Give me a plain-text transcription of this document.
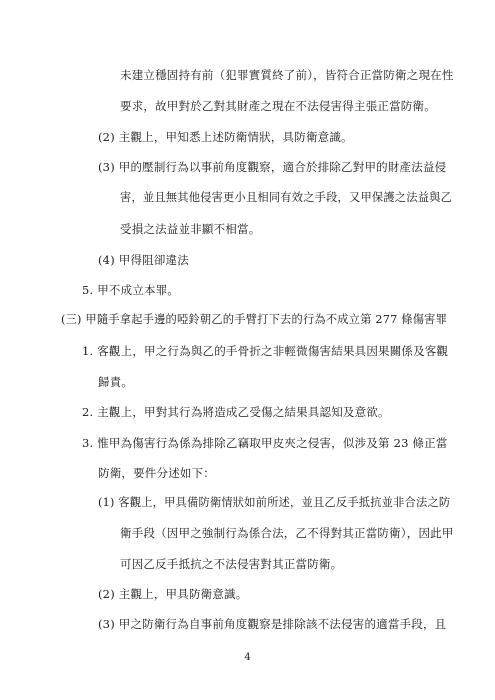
未建立穩固持有前（犯罪實質終了前），皆符合正當防衛之現在性
要求，故甲對於乙對其財產之現在不法侵害得主張正當防衛。
(2) 主觀上，甲知悉上述防衛情狀，具防衛意識。
(3) 甲的壓制行為以事前角度觀察，適合於排除乙對甲的財產法益侵
害，並且無其他侵害更小且相同有效之手段，又甲保護之法益與乙
受損之法益並非顯不相當。
(4) 甲得阻卻違法
5. 甲不成立本罪。
(三) 甲隨手拿起手邊的啞鈴朝乙的手臂打下去的行為不成立第 277 條傷害罪
1. 客觀上，甲之行為與乙的手骨折之非輕微傷害結果具因果關係及客觀
歸責。
2. 主觀上，甲對其行為將造成乙受傷之結果具認知及意欲。
3. 惟甲為傷害行為係為排除乙竊取甲皮夾之侵害，似涉及第 23 條正當
防衛，要件分述如下：
(1) 客觀上，甲具備防衛情狀如前所述，並且乙反手抵抗並非合法之防
衛手段（因甲之強制行為係合法，乙不得對其正當防衛），因此甲
可因乙反手抵抗之不法侵害對其正當防衛。
(2) 主觀上，甲具防衛意識。
(3) 甲之防衛行為自事前角度觀察是排除該不法侵害的適當手段，且
4
